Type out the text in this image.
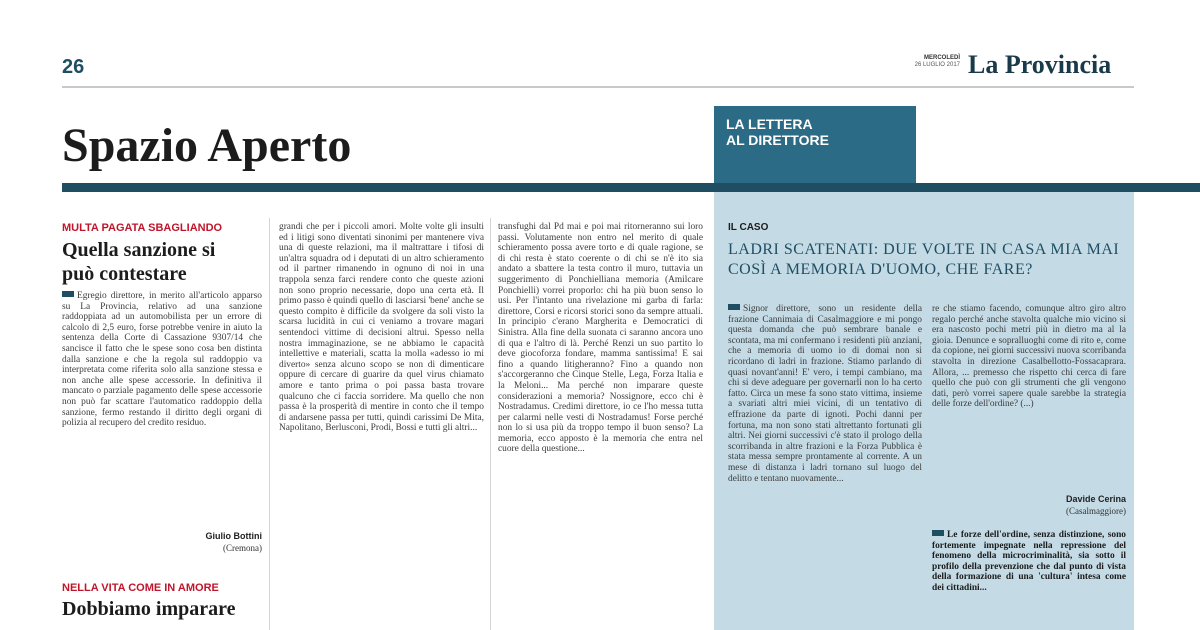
26	MERCOLEDÌ
26 LUGLIO 2017 La Provincia
Spazio Aperto	LA LETTERA
AL DIRETTORE
MULTA PAGATA SBAGLIANDO
Quella sanzione si può contestare

Egregio direttore, in merito all'articolo apparso su La Provincia, relativo ad una sanzione raddoppiata ad un automobilista per un errore di calcolo di 2,5 euro, forse potrebbe venire in aiuto la sentenza della Corte di Cassazione 9307/14 che sancisce il fatto che le spese sono cosa ben distinta dalla sanzione e che la regola sul raddoppio va interpretata come riferita solo alla sanzione stessa e non anche alle spese accessorie. In definitiva il mancato o parziale pagamento delle spese accessorie non può far scattare l'automatico raddoppio della sanzione, fermo restando il diritto degli organi di polizia al recupero del credito residuo.

Giulio Bottini
(Cremona)
NELLA VITA COME IN AMORE
Dobbiamo imparare

grandi che per i piccoli amori. Molte volte gli insulti ed i litigi sono diventati sinonimi per mantenere viva una di queste relazioni, ma il maltrattare i tifosi di un'altra squadra od i deputati di un altro schieramento od il partner rimanendo in ognuno di noi in una trappola senza farci rendere conto che queste azioni non sono proprio necessarie, dopo una certa età. Il primo passo è quindi quello di lasciarsi 'bene' anche se questo compito è difficile da svolgere da soli visto la scarsa lucidità in cui ci veniamo a trovare magari sentendoci vittime di decisioni altrui. Spesso nella nostra immaginazione, se ne abbiamo le capacità intellettive e materiali, scatta la molla «adesso io mi diverto» senza alcuno scopo se non di dimenticare oppure di cercare di guarire da quel virus chiamato amore e tanto prima o poi passa basta trovare qualcuno che ci faccia sorridere. Ma quello che non passa è la prosperità di mentire in conto che il tempo di andarsene passa per tutti, quindi carissimi De Mita, Napolitano, Berlusconi, Prodi, Bossi e tutti gli altri...

transfughi dal Pd mai e poi mai ritorneranno sui loro passi. Volutamente non entro nel merito di quale schieramento possa avere torto e di quale ragione, se di chi resta è stato coerente o di chi se n'è ito sia andato a sbattere la testa contro il muro, tuttavia un suggerimento di Ponchielliana memoria (Amilcare Ponchielli) vorrei proporlo: chi ha più buon senso lo usi. Per l'intanto una rivelazione mi garba di farla: direttore, Corsi e ricorsi storici sono da sempre attuali. In principio c'erano Margherita e Democratici di Sinistra. Alla fine della suonata ci saranno ancora uno di qua e l'altro di là. Perché Renzi un suo partito lo deve giocoforza fondare, mamma santissima! E sai fino a quando litigheranno? Fino a quando non s'accorgeranno che Cinque Stelle, Lega, Forza Italia e la Meloni... Ma perché non imparare queste considerazioni a memoria? Nossignore, ecco chi è Nostradamus. Credimi direttore, io ce l'ho messa tutta per calarmi nelle vesti di Nostradamus! Forse perché non lo si usa più da troppo tempo il buon senso? La memoria, ecco apposto è la memoria che entra nel cuore della questione...

IL CASO
LADRI SCATENATI: DUE VOLTE IN CASA MIA MAI COSÌ A MEMORIA D'UOMO, CHE FARE?

Signor direttore, sono un residente della frazione Cannimaia di Casalmaggiore e mi pongo questa domanda che può sembrare banale e scontata, ma mi confermano i residenti più anziani, che a memoria di uomo io di domai non si ricordano di ladri in frazione. Stiamo parlando di quasi novant'anni! E' vero, i tempi cambiano, ma chi si deve adeguare per governarli non lo ha certo fatto. Circa un mese fa sono stato vittima, insieme a svariati altri miei vicini, di un tentativo di effrazione da parte di ignoti. Pochi danni per fortuna, ma non sono stati altrettanto fortunati gli altri. Nei giorni successivi c'è stato il prologo della scorribanda in altre frazioni e la Forza Pubblica è stata messa sempre prontamente al corrente. A un mese di distanza i ladri tornano sul luogo del delitto e tentano nuovamente...

re che stiamo facendo, comunque altro giro altro regalo perché anche stavolta qualche mio vicino si era nascosto pochi metri più in dietro ma al la gioia. Denunce e sopralluoghi come di rito e, come da copione, nei giorni successivi nuova scorribanda stavolta in direzione Casalbellotto-Fossacaprara. Allora, ... premesso che rispetto chi cerca di fare quello che può con gli strumenti che gli vengono dati, però vorrei sapere quale sarebbe la strategia delle forze dell'ordine? (...)

Davide Cerina
(Casalmaggiore)

Le forze dell'ordine, senza distinzione, sono fortemente impegnate nella repressione del fenomeno della microcriminalità, sia sotto il profilo della prevenzione che dal punto di vista della formazione di una 'cultura' intesa come dei cittadini...
